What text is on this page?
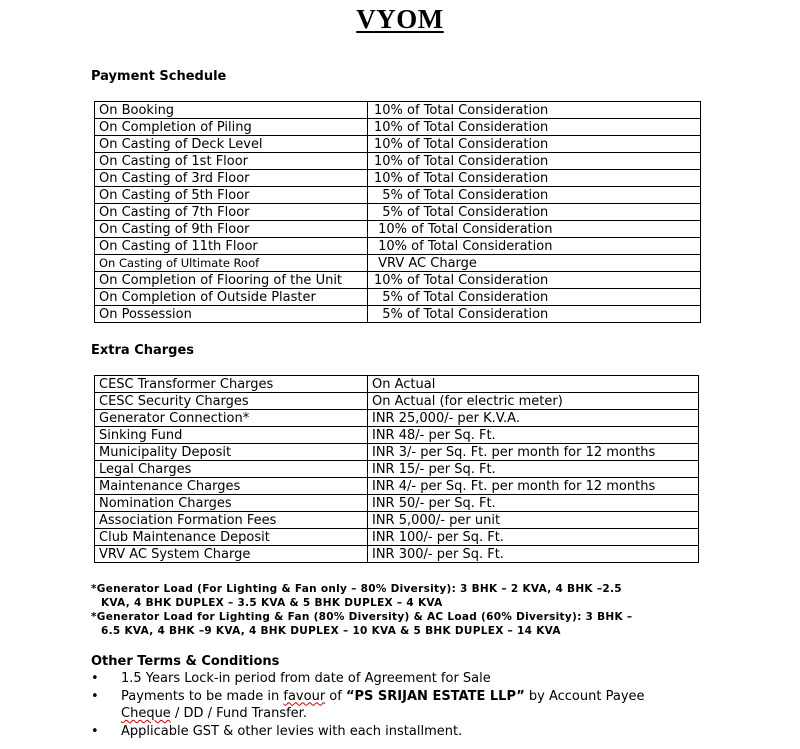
VYOM
Payment Schedule
On Booking	10% of Total Consideration
On Completion of Piling	10% of Total Consideration
On Casting of Deck Level	10% of Total Consideration
On Casting of 1st Floor	10% of Total Consideration
On Casting of 3rd Floor	10% of Total Consideration
On Casting of 5th Floor	5% of Total Consideration
On Casting of 7th Floor	5% of Total Consideration
On Casting of 9th Floor	10% of Total Consideration
On Casting of 11th Floor	10% of Total Consideration
On Casting of Ultimate Roof	VRV AC Charge
On Completion of Flooring of the Unit	10% of Total Consideration
On Completion of Outside Plaster	5% of Total Consideration
On Possession	5% of Total Consideration
Extra Charges
CESC Transformer Charges	On Actual
CESC Security Charges	On Actual (for electric meter)
Generator Connection*	INR 25,000/- per K.V.A.
Sinking Fund	INR 48/- per Sq. Ft.
Municipality Deposit	INR 3/- per Sq. Ft. per month for 12 months
Legal Charges	INR 15/- per Sq. Ft.
Maintenance Charges	INR 4/- per Sq. Ft. per month for 12 months
Nomination Charges	INR 50/- per Sq. Ft.
Association Formation Fees	INR 5,000/- per unit
Club Maintenance Deposit	INR 100/- per Sq. Ft.
VRV AC System Charge	INR 300/- per Sq. Ft.
*Generator Load (For Lighting & Fan only – 80% Diversity): 3 BHK – 2 KVA, 4 BHK –2.5
KVA, 4 BHK DUPLEX – 3.5 KVA & 5 BHK DUPLEX – 4 KVA
*Generator Load for Lighting & Fan (80% Diversity) & AC Load (60% Diversity): 3 BHK –
6.5 KVA, 4 BHK –9 KVA, 4 BHK DUPLEX – 10 KVA & 5 BHK DUPLEX – 14 KVA
Other Terms & Conditions
• 1.5 Years Lock-in period from date of Agreement for Sale
• Payments to be made in favour of “PS SRIJAN ESTATE LLP” by Account Payee
Cheque / DD / Fund Transfer.
• Applicable GST & other levies with each installment.
